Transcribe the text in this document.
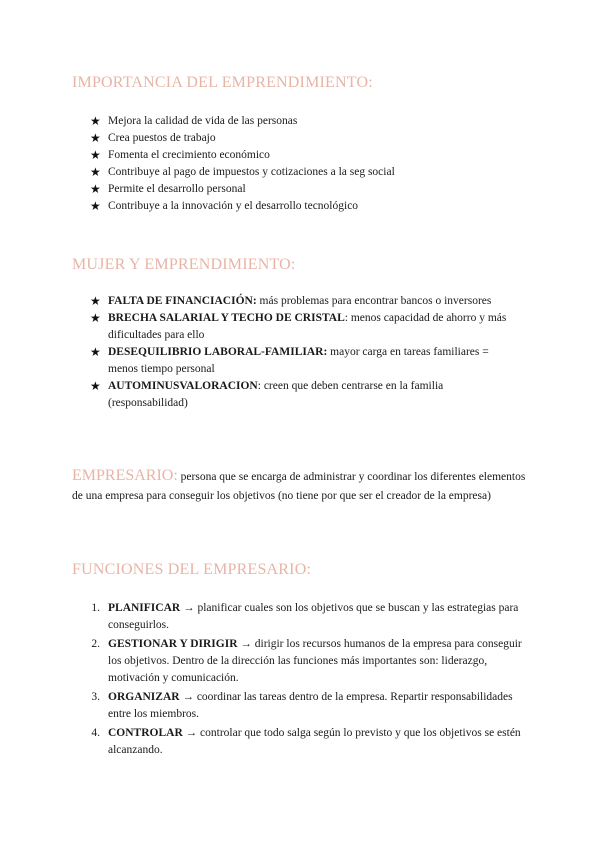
IMPORTANCIA DEL EMPRENDIMIENTO:
★ Mejora la calidad de vida de las personas
★ Crea puestos de trabajo
★ Fomenta el crecimiento económico
★ Contribuye al pago de impuestos y cotizaciones a la seg social
★ Permite el desarrollo personal
★ Contribuye a la innovación y el desarrollo tecnológico
MUJER Y EMPRENDIMIENTO:
★ FALTA DE FINANCIACIÓN: más problemas para encontrar bancos o inversores
★ BRECHA SALARIAL Y TECHO DE CRISTAL: menos capacidad de ahorro y más dificultades para ello
★ DESEQUILIBRIO LABORAL-FAMILIAR: mayor carga en tareas familiares = menos tiempo personal
★ AUTOMINUSVALORACION: creen que deben centrarse en la familia (responsabilidad)

EMPRESARIO: persona que se encarga de administrar y coordinar los diferentes elementos de una empresa para conseguir los objetivos (no tiene por que ser el creador de la empresa)

FUNCIONES DEL EMPRESARIO:
1. PLANIFICAR → planificar cuales son los objetivos que se buscan y las estrategias para conseguirlos.
2. GESTIONAR Y DIRIGIR → dirigir los recursos humanos de la empresa para conseguir los objetivos. Dentro de la dirección las funciones más importantes son: liderazgo, motivación y comunicación.
3. ORGANIZAR → coordinar las tareas dentro de la empresa. Repartir responsabilidades entre los miembros.
4. CONTROLAR → controlar que todo salga según lo previsto y que los objetivos se estén alcanzando.
